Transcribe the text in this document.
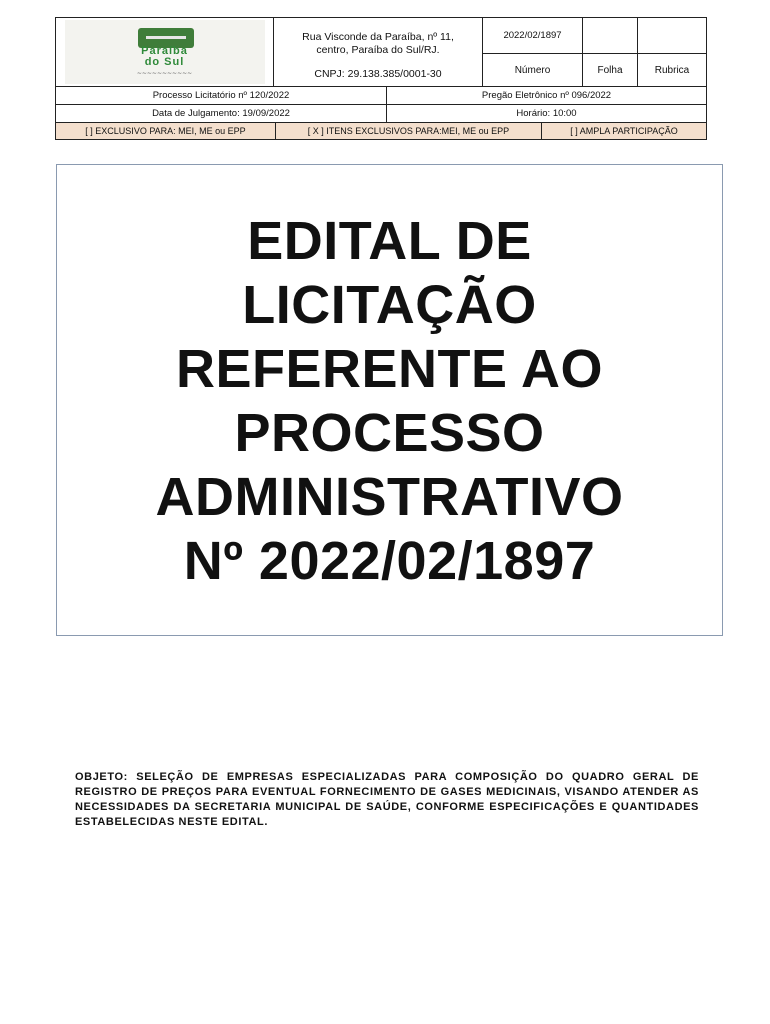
Paraíba
do Sul
~~~~~~~~~~~
Rua Visconde da Paraíba, nº 11,
centro, Paraíba do Sul/RJ.
CNPJ: 29.138.385/0001-30
2022/02/1897
Número	Folha	Rubrica
Processo Licitatório nº 120/2022	Pregão Eletrônico nº 096/2022
Data de Julgamento: 19/09/2022	Horário: 10:00
[ ] EXCLUSIVO PARA: MEI, ME ou EPP	[ X ] ITENS EXCLUSIVOS PARA:MEI, ME ou EPP	[ ] AMPLA PARTICIPAÇÃO
EDITAL DE
LICITAÇÃO
REFERENTE AO
PROCESSO
ADMINISTRATIVO
Nº 2022/02/1897

OBJETO: SELEÇÃO DE EMPRESAS ESPECIALIZADAS PARA COMPOSIÇÃO DO QUADRO GERAL DE REGISTRO DE PREÇOS PARA EVENTUAL FORNECIMENTO DE GASES MEDICINAIS, VISANDO ATENDER AS NECESSIDADES DA SECRETARIA MUNICIPAL DE SAÚDE, CONFORME ESPECIFICAÇÕES E QUANTIDADES ESTABELECIDAS NESTE EDITAL.
